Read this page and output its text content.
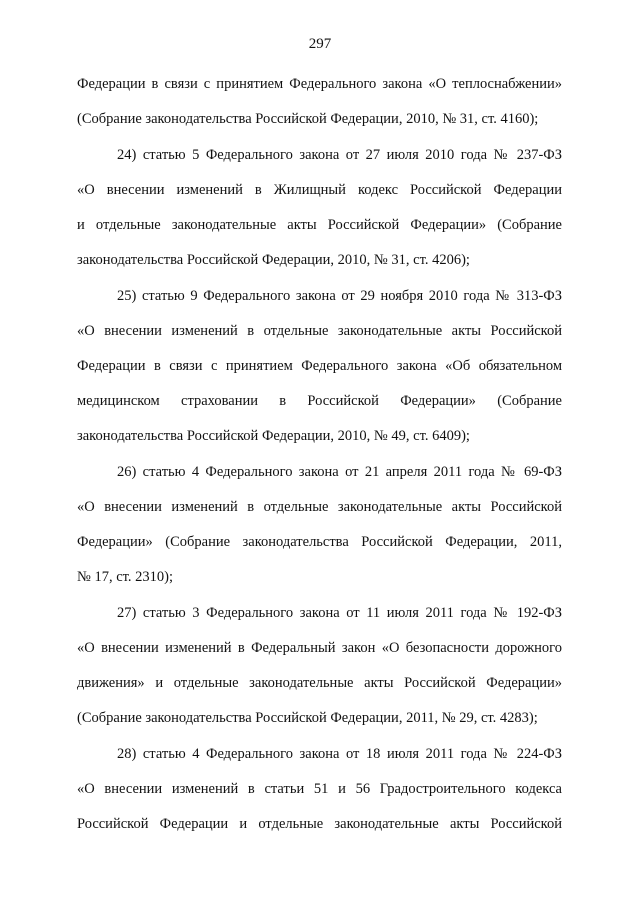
297
Федерации в связи с принятием Федерального закона «О теплоснабжении»
(Собрание законодательства Российской Федерации, 2010, № 31, ст. 4160);
24) статью 5 Федерального закона от 27 июля 2010 года № 237-ФЗ
«О внесении изменений в Жилищный кодекс Российской Федерации
и отдельные законодательные акты Российской Федерации» (Собрание
законодательства Российской Федерации, 2010, № 31, ст. 4206);
25) статью 9 Федерального закона от 29 ноября 2010 года № 313-ФЗ
«О внесении изменений в отдельные законодательные акты Российской
Федерации в связи с принятием Федерального закона «Об обязательном
медицинском страховании в Российской Федерации» (Собрание
законодательства Российской Федерации, 2010, № 49, ст. 6409);
26) статью 4 Федерального закона от 21 апреля 2011 года № 69-ФЗ
«О внесении изменений в отдельные законодательные акты Российской
Федерации» (Собрание законодательства Российской Федерации, 2011,
№ 17, ст. 2310);
27) статью 3 Федерального закона от 11 июля 2011 года № 192-ФЗ
«О внесении изменений в Федеральный закон «О безопасности дорожного
движения» и отдельные законодательные акты Российской Федерации»
(Собрание законодательства Российской Федерации, 2011, № 29, ст. 4283);
28) статью 4 Федерального закона от 18 июля 2011 года № 224-ФЗ
«О внесении изменений в статьи 51 и 56 Градостроительного кодекса
Российской Федерации и отдельные законодательные акты Российской
